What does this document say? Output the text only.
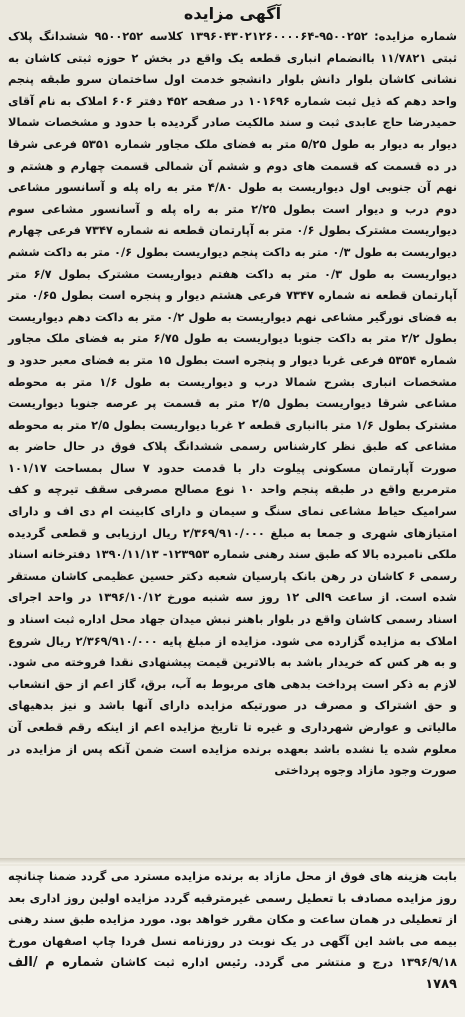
آگهی مزایده

شماره مزایده: ۹۵۰۰۲۵۲-۱۳۹۶۰۴۳۰۲۱۲۶۰۰۰۰۶۴ کلاسه ۹۵۰۰۲۵۲ ششدانگ پلاک ثبتی ۱۱/۷۸۲۱ باانضمام انباری قطعه یک واقع در بخش ۲ حوزه ثبتی کاشان به نشانی کاشان بلوار دانش بلوار دانشجو خدمت اول ساختمان سرو طبقه پنجم واحد دهم که ذیل ثبت شماره ۱۰۱۶۹۶ در صفحه ۴۵۲ دفتر ۶۰۶ املاک به نام آقای حمیدرضا حاج عابدی ثبت و سند مالکیت صادر گردیده با حدود و مشخصات شمالا دیوار به دیوار به طول ۵/۲۵ متر به فضای ملک مجاور شماره ۵۳۵۱ فرعی شرقا در ده قسمت که قسمت های دوم و ششم آن شمالی قسمت چهارم و هشتم و نهم آن جنوبی اول دیواریست به طول ۴/۸۰ متر به راه پله و آسانسور مشاعی دوم درب و دیوار است بطول ۲/۲۵ متر به راه پله و آسانسور مشاعی سوم دیواریست مشترک بطول ۰/۶ متر به آپارتمان قطعه نه شماره ۷۳۴۷ فرعی چهارم دیواریست به طول ۰/۳ متر به داکت پنجم دیواریست بطول ۰/۶ متر به داکت ششم دیواریست به طول ۰/۳ متر به داکت هفتم دیواریست مشترک بطول ۶/۷ متر آپارتمان قطعه نه شماره ۷۳۴۷ فرعی هشتم دیوار و پنجره است بطول ۰/۶۵ متر به فضای نورگیر مشاعی نهم دیواریست به طول ۰/۲ متر به داکت دهم دیواریست بطول ۲/۲ متر به داکت جنوبا دیواریست به طول ۶/۷۵ متر به فضای ملک مجاور شماره ۵۳۵۴ فرعی غربا دیوار و پنجره است بطول ۱۵ متر به فضای معبر حدود و مشخصات انباری بشرح شمالا درب و دیواریست به طول ۱/۶ متر به محوطه مشاعی شرقا دیواریست بطول ۲/۵ متر به قسمت پر عرصه جنوبا دیواریست مشترک بطول ۱/۶ متر باانباری قطعه ۲ غربا دیواریست بطول ۲/۵ متر به محوطه مشاعی که طبق نظر کارشناس رسمی ششدانگ پلاک فوق در حال حاضر به صورت آپارتمان مسکونی پیلوت دار با قدمت حدود ۷ سال بمساحت ۱۰۱/۱۷ مترمربع واقع در طبقه پنجم واحد ۱۰ نوع مصالح مصرفی سقف تیرچه و کف سرامیک حیاط مشاعی نمای سنگ و سیمان و دارای کابینت ام دی اف و دارای امتیازهای شهری و جمعا به مبلغ ۲/۳۶۹/۹۱۰/۰۰۰ ریال ارزیابی و قطعی گردیده ملکی نامبرده بالا که طبق سند رهنی شماره ۱۲۳۹۵۳- ۱۳۹۰/۱۱/۱۳ دفترخانه اسناد رسمی ۶ کاشان در رهن بانک پارسیان شعبه دکتر حسین عظیمی کاشان مستقر شده است. از ساعت ۹الی ۱۲ روز سه شنبه مورخ ۱۳۹۶/۱۰/۱۲ در واحد اجرای اسناد رسمی کاشان واقع در بلوار باهنر نبش میدان جهاد محل اداره ثبت اسناد و املاک به مزایده گزارده می شود. مزایده از مبلغ پایه ۲/۳۶۹/۹۱۰/۰۰۰ ریال شروع و به هر کس که خریدار باشد به بالاترین قیمت پیشنهادی نقدا فروخته می شود. لازم به ذکر است پرداخت بدهی های مربوط به آب، برق، گاز اعم از حق انشعاب و حق اشتراک و مصرف در صورتیکه مزایده دارای آنها باشد و نیز بدهیهای مالیاتی و عوارض شهرداری و غیره تا تاریخ مزایده اعم از اینکه رقم قطعی آن معلوم شده یا نشده باشد بعهده برنده مزایده است ضمن آنکه پس از مزایده در صورت وجود مازاد وجوه پرداختی

بابت هزینه های فوق از محل مازاد به برنده مزایده مسترد می گردد ضمنا چنانچه روز مزایده مصادف با تعطیل رسمی غیرمترقبه گردد مزایده اولین روز اداری بعد از تعطیلی در همان ساعت و مکان مقرر خواهد بود. مورد مزایده طبق سند رهنی بیمه می باشد این آگهی در یک نوبت در روزنامه نسل فردا چاپ اصفهان مورخ ۱۳۹۶/۹/۱۸ درج و منتشر می گردد. رئیس اداره ثبت کاشان شماره م /الف ۱۷۸۹
